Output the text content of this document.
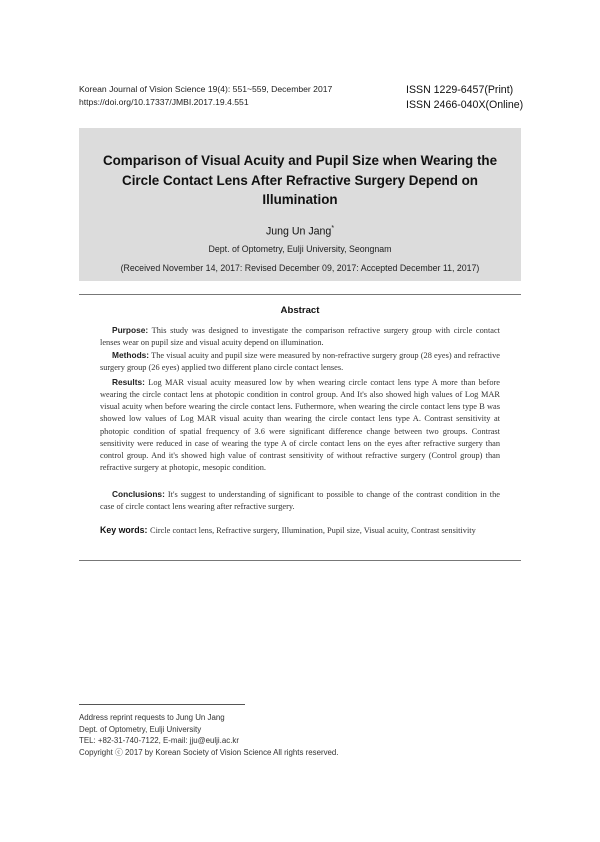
Korean Journal of Vision Science 19(4): 551~559, December 2017
https://doi.org/10.17337/JMBI.2017.19.4.551
ISSN 1229-6457(Print)
ISSN 2466-040X(Online)
Comparison of Visual Acuity and Pupil Size when Wearing the Circle Contact Lens After Refractive Surgery Depend on Illumination
Jung Un Jang*
Dept. of Optometry, Eulji University, Seongnam
(Received November 14, 2017: Revised December 09, 2017: Accepted December 11, 2017)
Abstract
Purpose: This study was designed to investigate the comparison refractive surgery group with circle contact lenses wear on pupil size and visual acuity depend on illumination.
Methods: The visual acuity and pupil size were measured by non-refractive surgery group (28 eyes) and refractive surgery group (26 eyes) applied two different plano circle contact lenses.
Results: Log MAR visual acuity measured low by when wearing circle contact lens type A more than before wearing the circle contact lens at photopic condition in control group. And It's also showed high values of Log MAR visual acuity when before wearing the circle contact lens. Futhermore, when wearing the circle contact lens type B was showed low values of Log MAR visual acuity than wearing the circle contact lens type A. Contrast sensitivity at photopic condition of spatial frequency of 3.6 were significant difference change between two groups. Contrast sensitivity were reduced in case of wearing the type A of circle contact lens on the eyes after refractive surgery than control group. And it's showed high value of contrast sensitivity of without refractive surgery (Control group) than refractive surgery at photopic, mesopic condition.
Conclusions: It's suggest to understanding of significant to possible to change of the contrast condition in the case of circle contact lens wearing after refractive surgery.
Key words: Circle contact lens, Refractive surgery, Illumination, Pupil size, Visual acuity, Contrast sensitivity
Address reprint requests to Jung Un Jang
Dept. of Optometry, Eulji University
TEL: +82-31-740-7122, E-mail: jju@eulji.ac.kr
Copyright ⓒ 2017 by Korean Society of Vision Science All rights reserved.
